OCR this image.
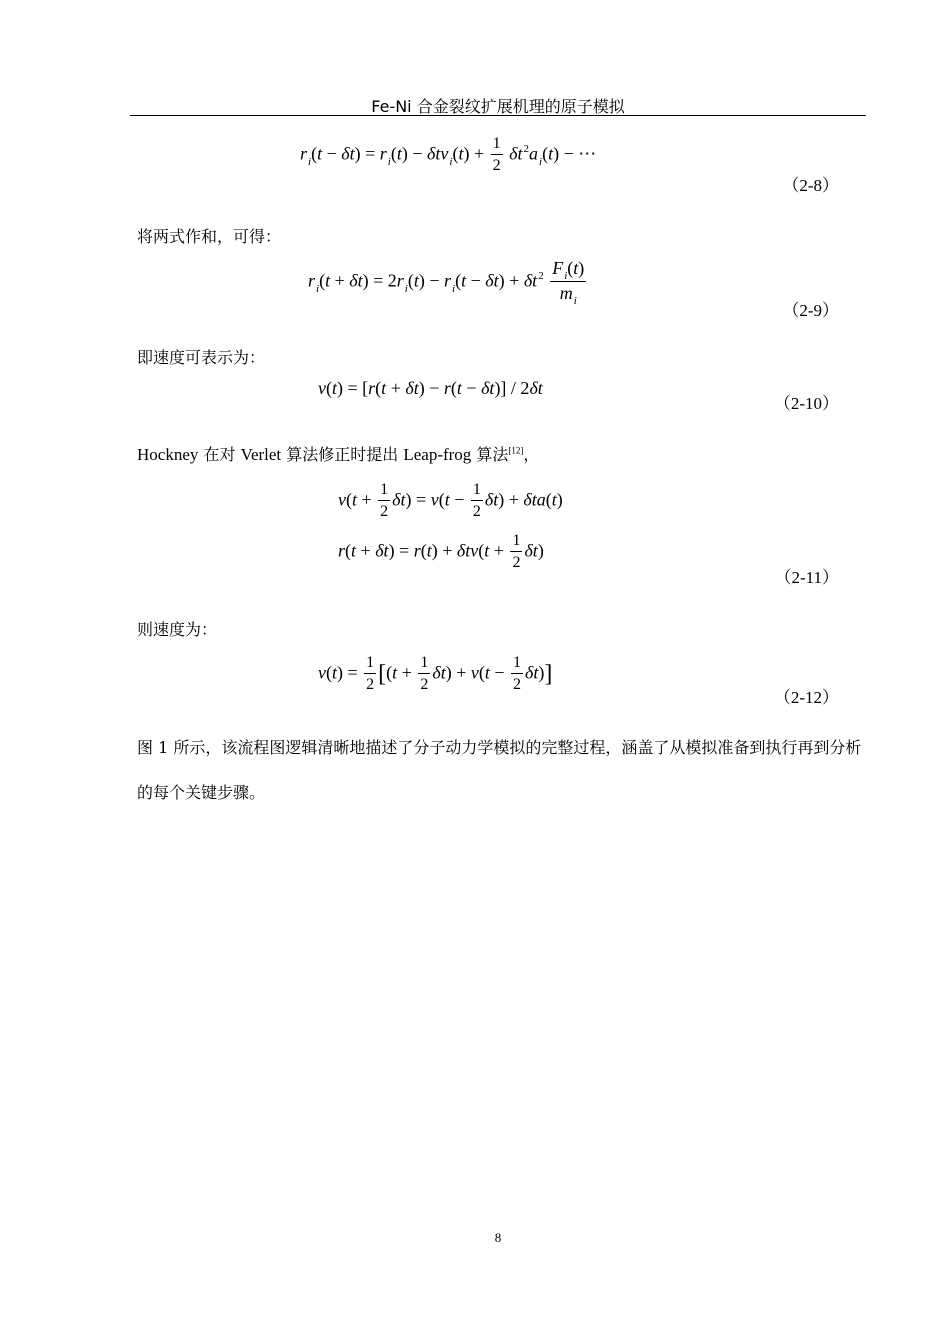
Fe-Ni 合金裂纹扩展机理的原子模拟
$r_i(t - \delta t) = r_i(t) - \delta tv_i(t) + \frac{1}{2} \delta t^2a_i(t)$ − ⋯
（2-8）
将两式作和，可得：
$r_i(t + \delta t) = 2r_i(t) - r_i(t - \delta t) + \delta t^2 \frac{F_i(t)}{m_i}$
（2-9）
即速度可表示为：
v(t) = [r(t + δt) − r(t − δt)] / 2δt
（2-10）
Hockney 在对 Verlet 算法修正时提出 Leap-frog 算法[12]，
$v(t + \frac{1}{2} \delta t) = v(t - \frac{1}{2} \delta t) + \delta ta(t)$
$r(t + \delta t) = r(t) + \delta tv(t + \frac{1}{2} \delta t)$
（2-11）
则速度为：
$v(t) = \frac{1}{2} [(t + \frac{1}{2} \delta t) + v(t - \frac{1}{2} \delta t)]$
（2-12）
图 1 所示，该流程图逻辑清晰地描述了分子动力学模拟的完整过程，涵盖了从模拟准备到执行再到分析的每个关键步骤。
8
